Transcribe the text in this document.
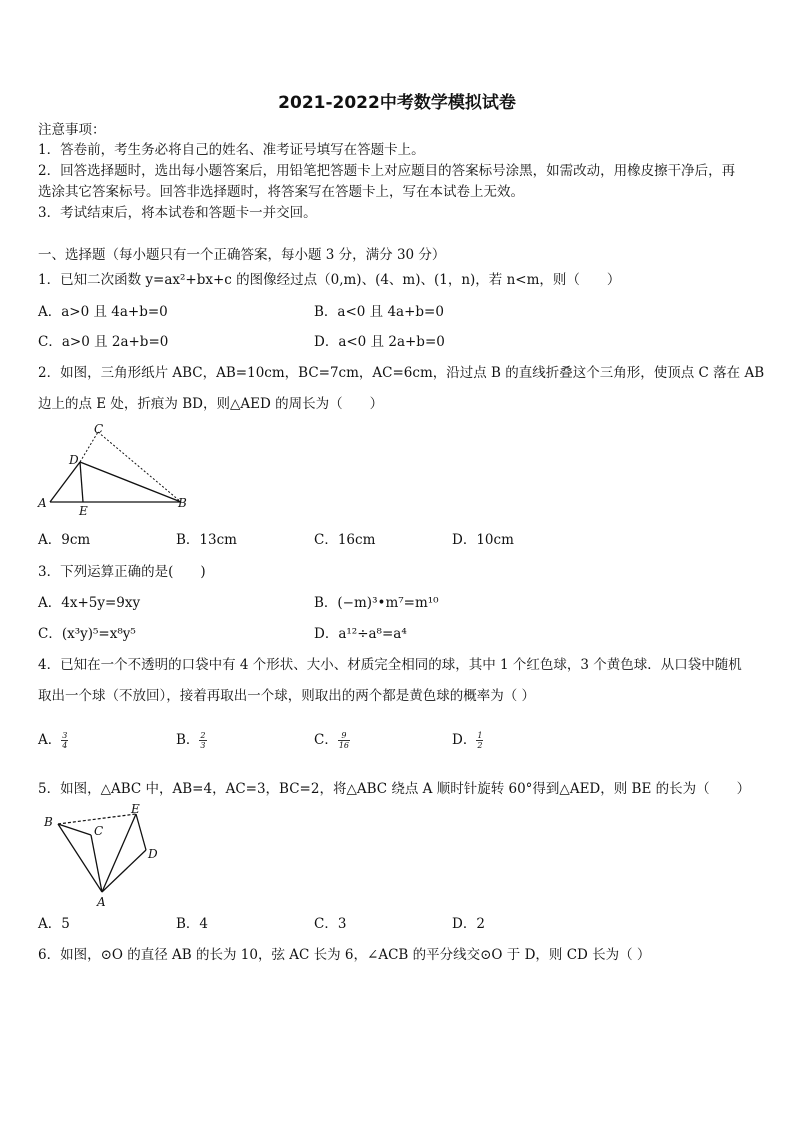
2021-2022中考数学模拟试卷
注意事项：
1．答卷前，考生务必将自己的姓名、准考证号填写在答题卡上。
2．回答选择题时，选出每小题答案后，用铅笔把答题卡上对应题目的答案标号涂黑，如需改动，用橡皮擦干净后，再
选涂其它答案标号。回答非选择题时，将答案写在答题卡上，写在本试卷上无效。
3．考试结束后，将本试卷和答题卡一并交回。
一、选择题（每小题只有一个正确答案，每小题 3 分，满分 30 分）
1．已知二次函数 y=ax²+bx+c 的图像经过点（0,m)、(4、m)、(1，n)，若 n<m，则（　　）
A．a>0 且 4a+b=0	B．a<0 且 4a+b=0
C．a>0 且 2a+b=0	D．a<0 且 2a+b=0
2．如图，三角形纸片 ABC，AB=10cm，BC=7cm，AC=6cm，沿过点 B 的直线折叠这个三角形，使顶点 C 落在 AB
边上的点 E 处，折痕为 BD，则△AED 的周长为（　　）
A	B
C
D
E
A．9cm	B．13cm	C．16cm	D．10cm
3．下列运算正确的是(　　)
A．4x+5y=9xy	B．(−m)³•m⁷=m¹⁰
C．(x³y)⁵=x⁸y⁵	D．a¹²÷a⁸=a⁴
4．已知在一个不透明的口袋中有 4 个形状、大小、材质完全相同的球，其中 1 个红色球，3 个黄色球．从口袋中随机
取出一个球（不放回），接着再取出一个球，则取出的两个都是黄色球的概率为（ ）
A． $\frac{3}{4}$	B． $\frac{2}{3}$	C． $\frac{9}{16}$	D． $\frac{1}{2}$
5．如图，△ABC 中，AB=4，AC=3，BC=2，将△ABC 绕点 A 顺时针旋转 60°得到△AED，则 BE 的长为（　　）
B
C
E
D
A
A．5	B．4	C．3	D．2
6．如图，⊙O 的直径 AB 的长为 10，弦 AC 长为 6，∠ACB 的平分线交⊙O 于 D，则 CD 长为（ ）
